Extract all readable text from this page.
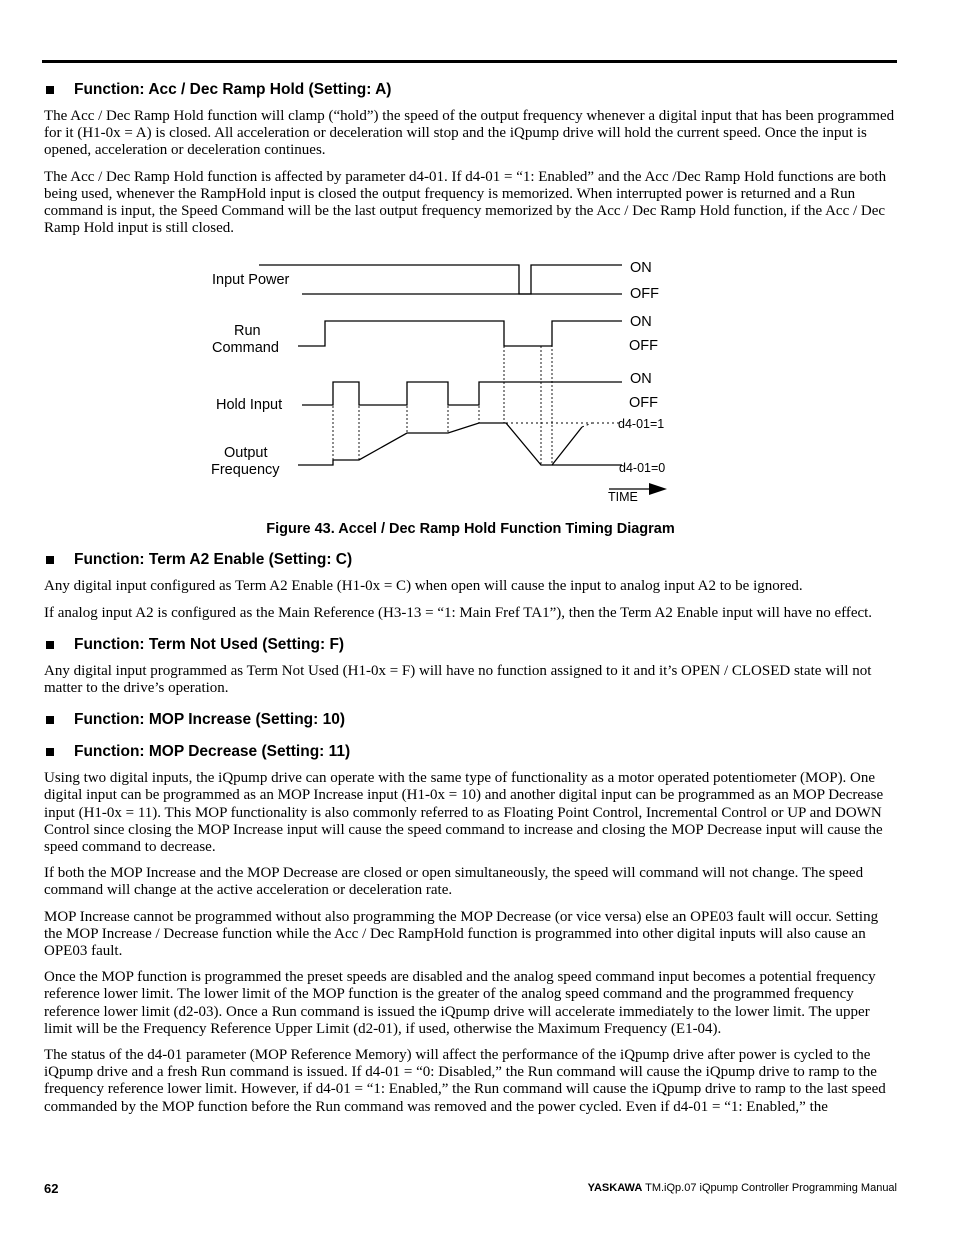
Function: Acc / Dec Ramp Hold (Setting: A)

The Acc / Dec Ramp Hold function will clamp (“hold”) the speed of the output frequency whenever a digital input that has been programmed for it (H1-0x = A) is closed. All acceleration or deceleration will stop and the iQpump drive will hold the current speed. Once the input is opened, acceleration or deceleration continues.

The Acc / Dec Ramp Hold function is affected by parameter d4-01. If d4-01 = “1: Enabled” and the Acc /Dec Ramp Hold functions are both being used, whenever the RampHold input is closed the output frequency is memorized. When interrupted power is returned and a Run command is input, the Speed Command will be the last output frequency memorized by the Acc / Dec Ramp Hold function, if the Acc / Dec Ramp Hold input is still closed.

Input Power
Run
Command
Hold Input
Output
Frequency
ON
OFF
ON
OFF
ON
OFF
d4-01=1
d4-01=0
TIME
Figure 43. Accel / Dec Ramp Hold Function Timing Diagram
Function: Term A2 Enable (Setting: C)

Any digital input configured as Term A2 Enable (H1-0x = C) when open will cause the input to analog input A2 to be ignored.

If analog input A2 is configured as the Main Reference (H3-13 = “1: Main Fref TA1”), then the Term A2 Enable input will have no effect.

Function: Term Not Used (Setting: F)

Any digital input programmed as Term Not Used (H1-0x = F) will have no function assigned to it and it’s OPEN / CLOSED state will not matter to the drive’s operation.

Function: MOP Increase (Setting: 10)
Function: MOP Decrease (Setting: 11)

Using two digital inputs, the iQpump drive can operate with the same type of functionality as a motor operated potentiometer (MOP). One digital input can be programmed as an MOP Increase input (H1-0x = 10) and another digital input can be programmed as an MOP Decrease input (H1-0x = 11). This MOP functionality is also commonly referred to as Floating Point Control, Incremental Control or UP and DOWN Control since closing the MOP Increase input will cause the speed command to increase and closing the MOP Decrease input will cause the speed command to decrease.

If both the MOP Increase and the MOP Decrease are closed or open simultaneously, the speed will command will not change. The speed command will change at the active acceleration or deceleration rate.

MOP Increase cannot be programmed without also programming the MOP Decrease (or vice versa) else an OPE03 fault will occur. Setting the MOP Increase / Decrease function while the Acc / Dec RampHold function is programmed into other digital inputs will also cause an OPE03 fault.

Once the MOP function is programmed the preset speeds are disabled and the analog speed command input becomes a potential frequency reference lower limit. The lower limit of the MOP function is the greater of the analog speed command and the programmed frequency reference lower limit (d2-03). Once a Run command is issued the iQpump drive will accelerate immediately to the lower limit. The upper limit will be the Frequency Reference Upper Limit (d2-01), if used, otherwise the Maximum Frequency (E1-04).

The status of the d4-01 parameter (MOP Reference Memory) will affect the performance of the iQpump drive after power is cycled to the iQpump drive and a fresh Run command is issued. If d4-01 = “0: Disabled,” the Run command will cause the iQpump drive to ramp to the frequency reference lower limit. However, if d4-01 = “1: Enabled,” the Run command will cause the iQpump drive to ramp to the last speed commanded by the MOP function before the Run command was removed and the power cycled. Even if d4-01 = “1: Enabled,” the

62	YASKAWA TM.iQp.07 iQpump Controller Programming Manual
